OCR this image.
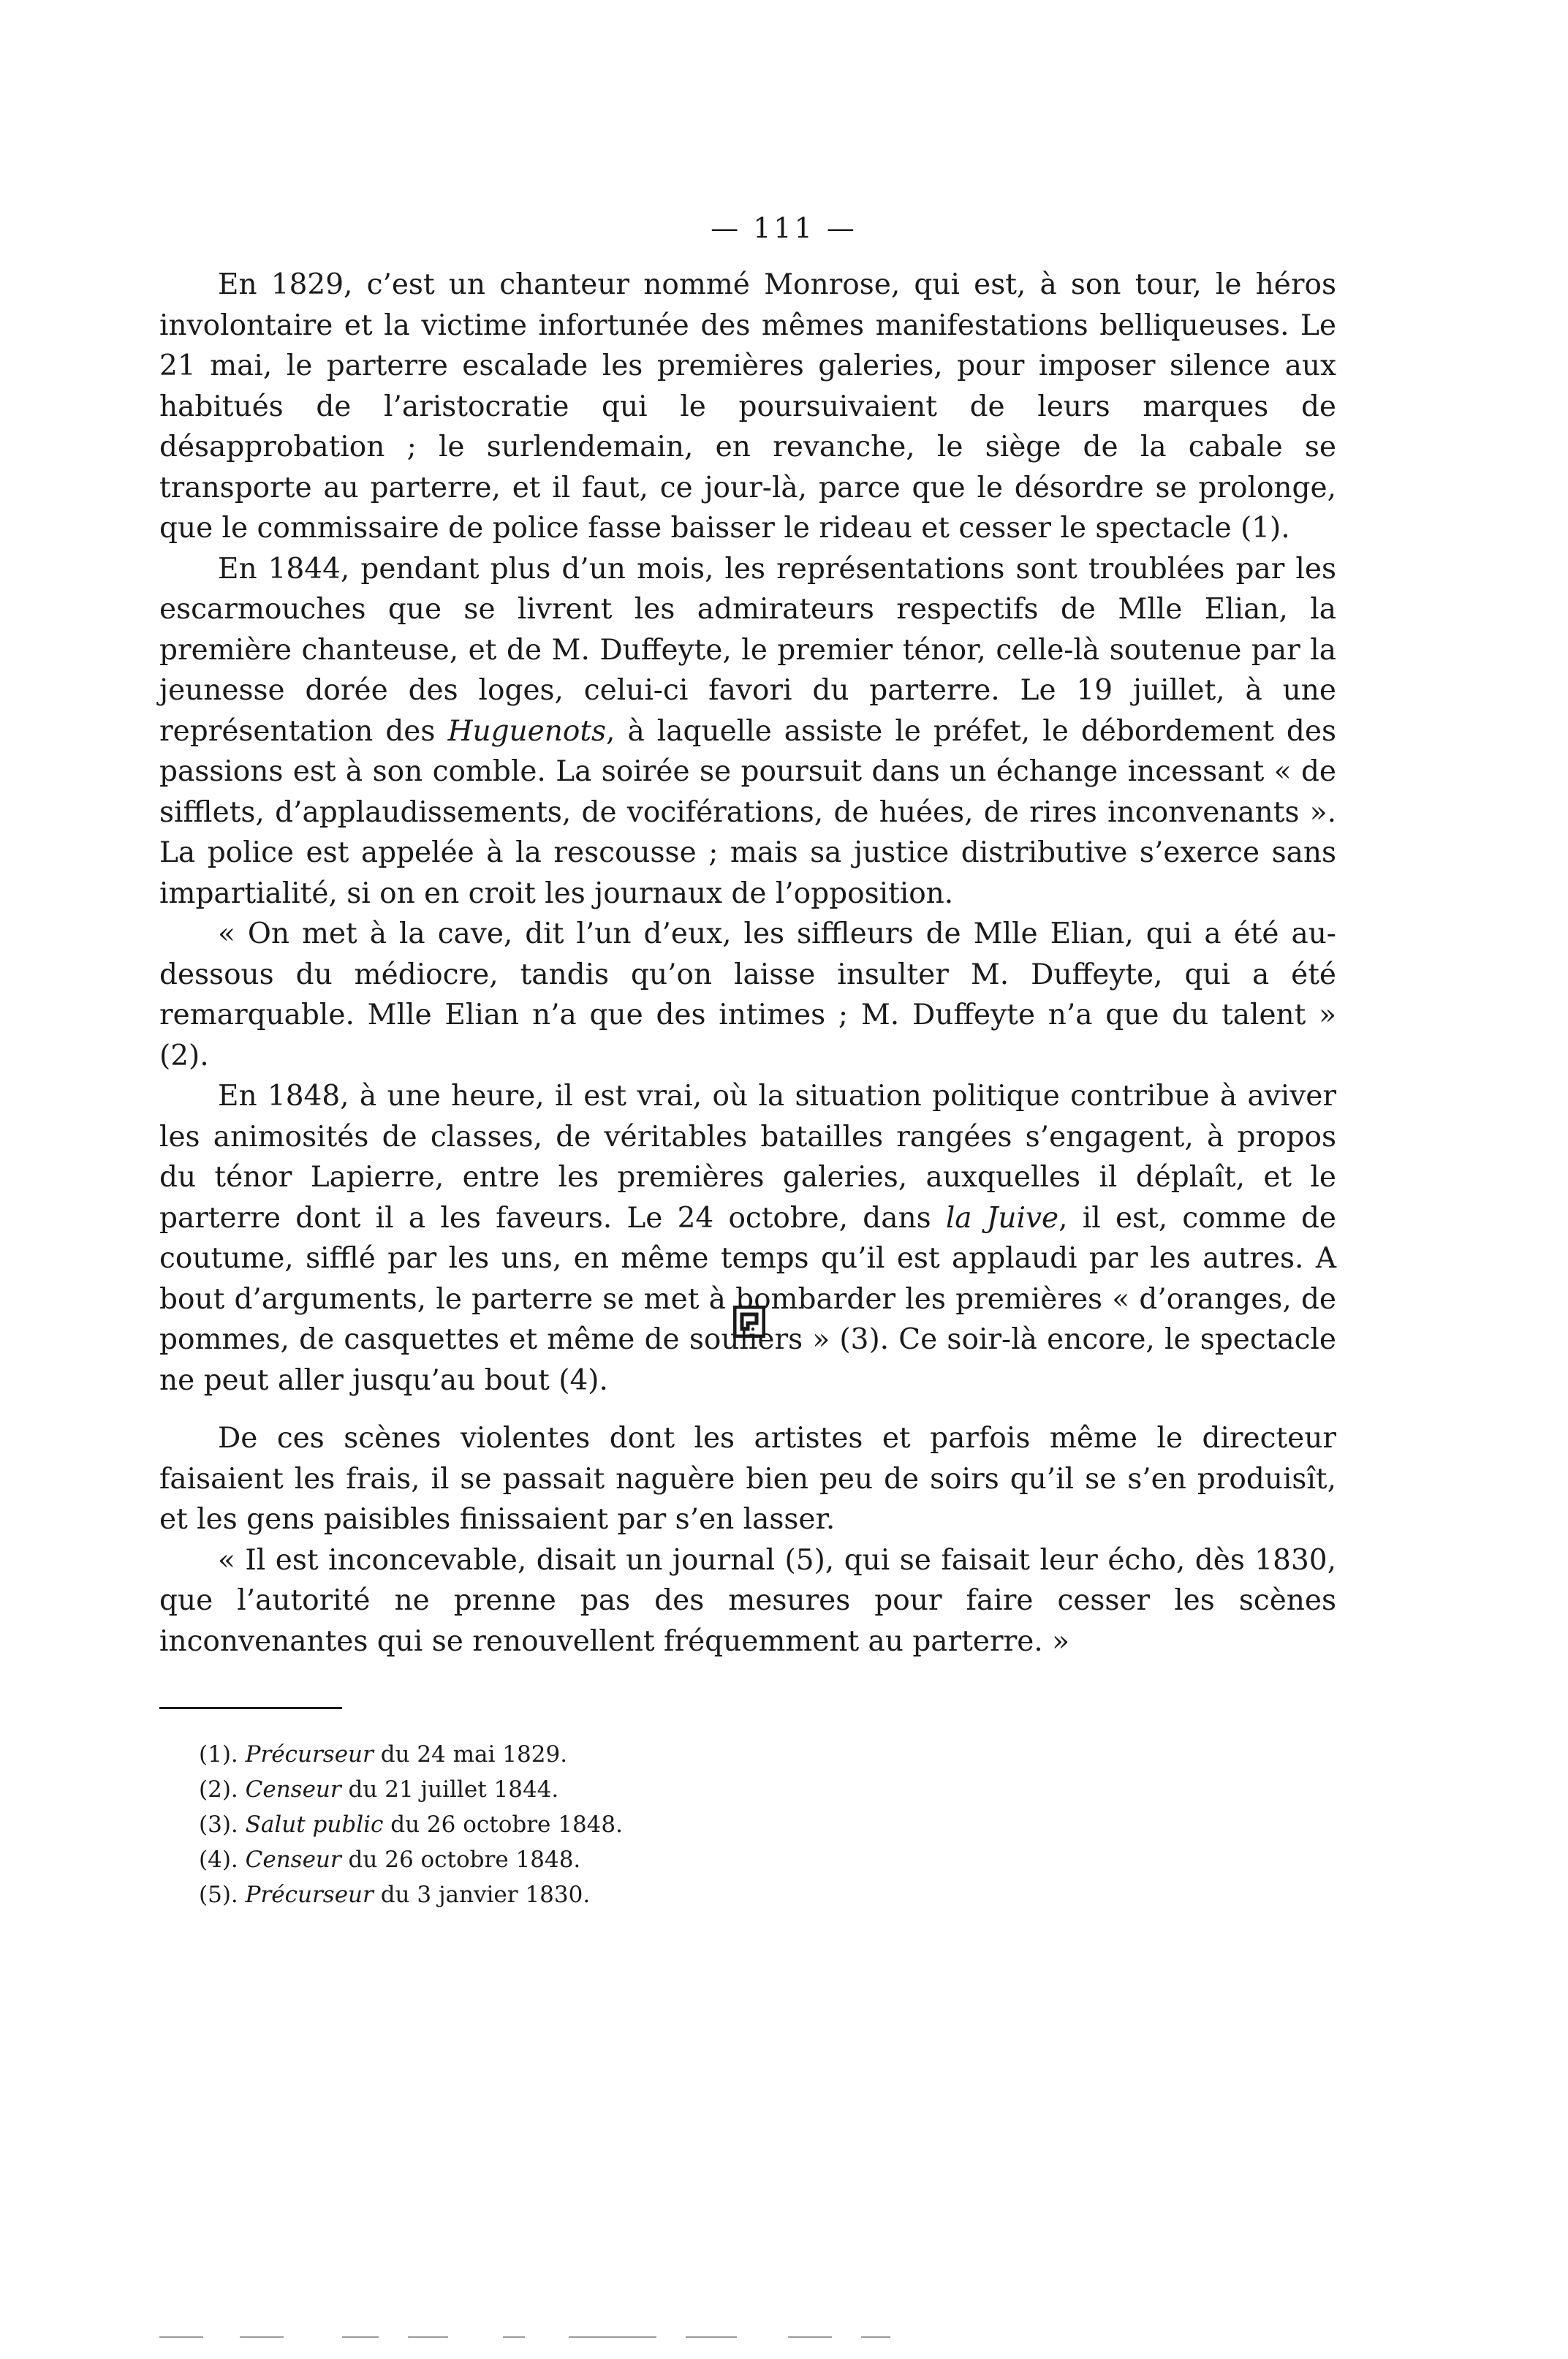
— 111 —

En 1829, c’est un chanteur nommé Monrose, qui est, à son tour, le héros involontaire et la victime infortunée des mêmes manifestations belliqueuses. Le 21 mai, le parterre escalade les premières galeries, pour imposer silence aux habitués de l’aristocratie qui le poursuivaient de leurs marques de désapprobation ; le surlendemain, en revanche, le siège de la cabale se transporte au parterre, et il faut, ce jour-là, parce que le désordre se prolonge, que le commissaire de police fasse baisser le rideau et cesser le spectacle (1).

En 1844, pendant plus d’un mois, les représentations sont troublées par les escarmouches que se livrent les admirateurs respectifs de Mlle Elian, la première chanteuse, et de M. Duffeyte, le premier ténor, celle-là soutenue par la jeunesse dorée des loges, celui-ci favori du parterre. Le 19 juillet, à une représentation des Huguenots, à laquelle assiste le préfet, le débordement des passions est à son comble. La soirée se poursuit dans un échange incessant « de sifflets, d’applaudissements, de vociférations, de huées, de rires inconvenants ». La police est appelée à la rescousse ; mais sa justice distributive s’exerce sans impartialité, si on en croit les journaux de l’opposition.

« On met à la cave, dit l’un d’eux, les siffleurs de Mlle Elian, qui a été au-dessous du médiocre, tandis qu’on laisse insulter M. Duffeyte, qui a été remarquable. Mlle Elian n’a que des intimes ; M. Duffeyte n’a que du talent » (2).

En 1848, à une heure, il est vrai, où la situation politique contribue à aviver les animosités de classes, de véritables batailles rangées s’engagent, à propos du ténor Lapierre, entre les premières galeries, auxquelles il déplaît, et le parterre dont il a les faveurs. Le 24 octobre, dans la Juive, il est, comme de coutume, sifflé par les uns, en même temps qu’il est applaudi par les autres. A bout d’arguments, le parterre se met à bombarder les premières « d’oranges, de pommes, de casquettes et même de souliers » (3). Ce soir-là encore, le spectacle ne peut aller jusqu’au bout (4).

De ces scènes violentes dont les artistes et parfois même le directeur faisaient les frais, il se passait naguère bien peu de soirs qu’il se s’en produisît, et les gens paisibles finissaient par s’en lasser.

« Il est inconcevable, disait un journal (5), qui se faisait leur écho, dès 1830, que l’autorité ne prenne pas des mesures pour faire cesser les scènes inconvenantes qui se renouvellent fréquemment au parterre. »

(1). Précurseur du 24 mai 1829.
(2). Censeur du 21 juillet 1844.
(3). Salut public du 26 octobre 1848.
(4). Censeur du 26 octobre 1848.
(5). Précurseur du 3 janvier 1830.
